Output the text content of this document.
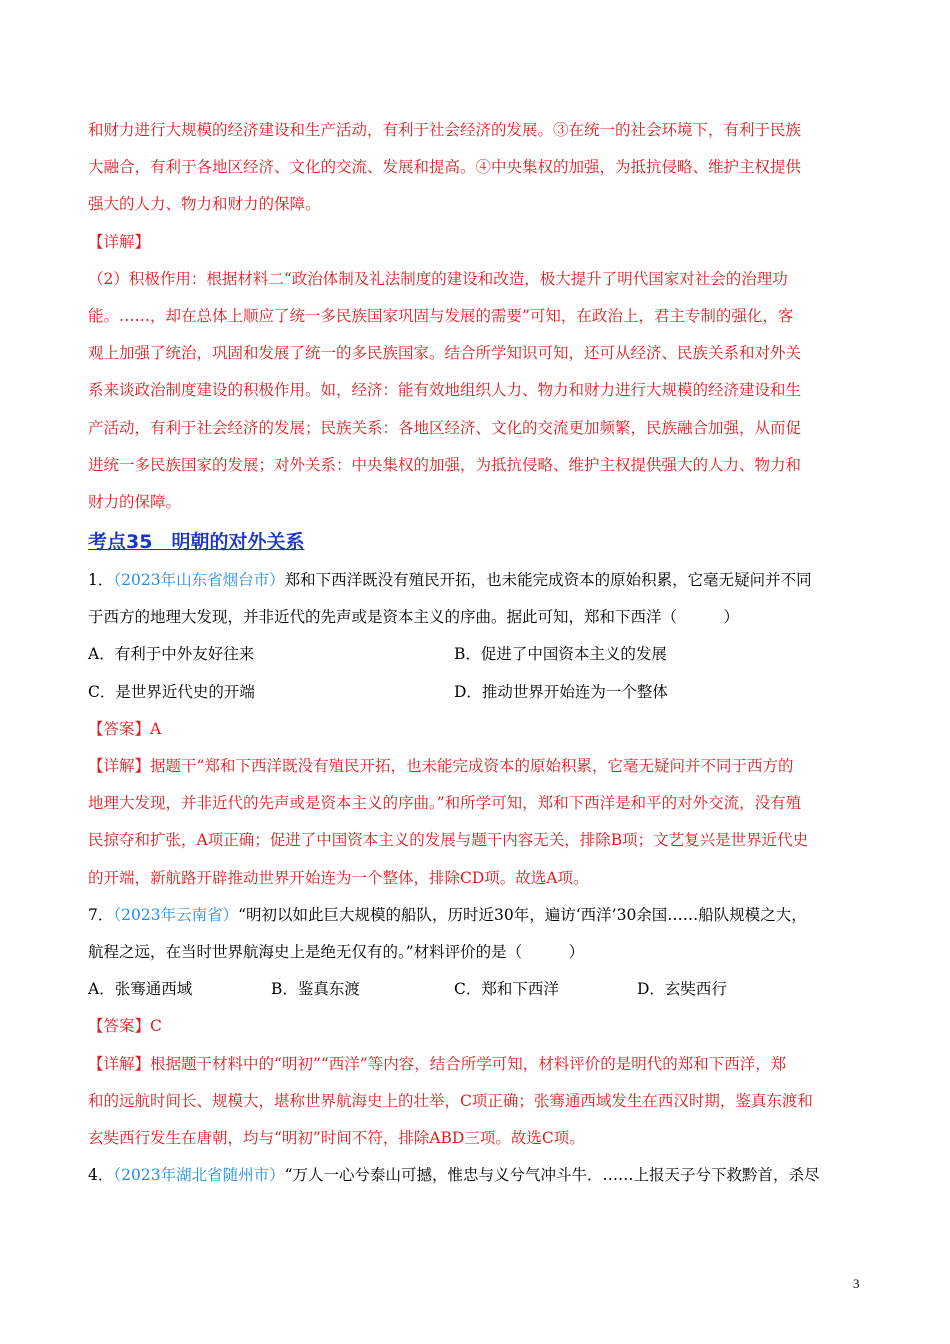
和财力进行大规模的经济建设和生产活动，有利于社会经济的发展。③在统一的社会环境下，有利于民族
大融合，有利于各地区经济、文化的交流、发展和提高。④中央集权的加强，为抵抗侵略、维护主权提供
强大的人力、物力和财力的保障。
【详解】
（2）积极作用：根据材料二“政治体制及礼法制度的建设和改造，极大提升了明代国家对社会的治理功
能。……，却在总体上顺应了统一多民族国家巩固与发展的需要”可知，在政治上，君主专制的强化，客
观上加强了统治，巩固和发展了统一的多民族国家。结合所学知识可知，还可从经济、民族关系和对外关
系来谈政治制度建设的积极作用。如，经济：能有效地组织人力、物力和财力进行大规模的经济建设和生
产活动，有利于社会经济的发展；民族关系：各地区经济、文化的交流更加频繁，民族融合加强，从而促
进统一多民族国家的发展；对外关系：中央集权的加强，为抵抗侵略、维护主权提供强大的人力、物力和
财力的保障。
考点35　明朝的对外关系
1．（2023年山东省烟台市）郑和下西洋既没有殖民开拓，也未能完成资本的原始积累，它毫无疑问并不同
于西方的地理大发现，并非近代的先声或是资本主义的序曲。据此可知，郑和下西洋（　　　）
A．有利于中外友好往来	B．促进了中国资本主义的发展
C．是世界近代史的开端	D．推动世界开始连为一个整体
【答案】A
【详解】据题干“郑和下西洋既没有殖民开拓，也未能完成资本的原始积累，它毫无疑问并不同于西方的
地理大发现，并非近代的先声或是资本主义的序曲。”和所学可知，郑和下西洋是和平的对外交流，没有殖
民掠夺和扩张，A项正确；促进了中国资本主义的发展与题干内容无关，排除B项；文艺复兴是世界近代史
的开端，新航路开辟推动世界开始连为一个整体，排除CD项。故选A项。
7．（2023年云南省）“明初以如此巨大规模的船队，历时近30年，遍访‘西洋’30余国……船队规模之大，
航程之远，在当时世界航海史上是绝无仅有的。”材料评价的是（　　　）
A．张骞通西域	B．鉴真东渡	C．郑和下西洋	D．玄奘西行
【答案】C
【详解】根据题干材料中的“明初”“西洋”等内容，结合所学可知，材料评价的是明代的郑和下西洋，郑
和的远航时间长、规模大，堪称世界航海史上的壮举，C项正确；张骞通西域发生在西汉时期，鉴真东渡和
玄奘西行发生在唐朝，均与“明初”时间不符，排除ABD三项。故选C项。
4．（2023年湖北省随州市）“万人一心兮泰山可撼，惟忠与义兮气冲斗牛．……上报天子兮下救黔首，杀尽
3
